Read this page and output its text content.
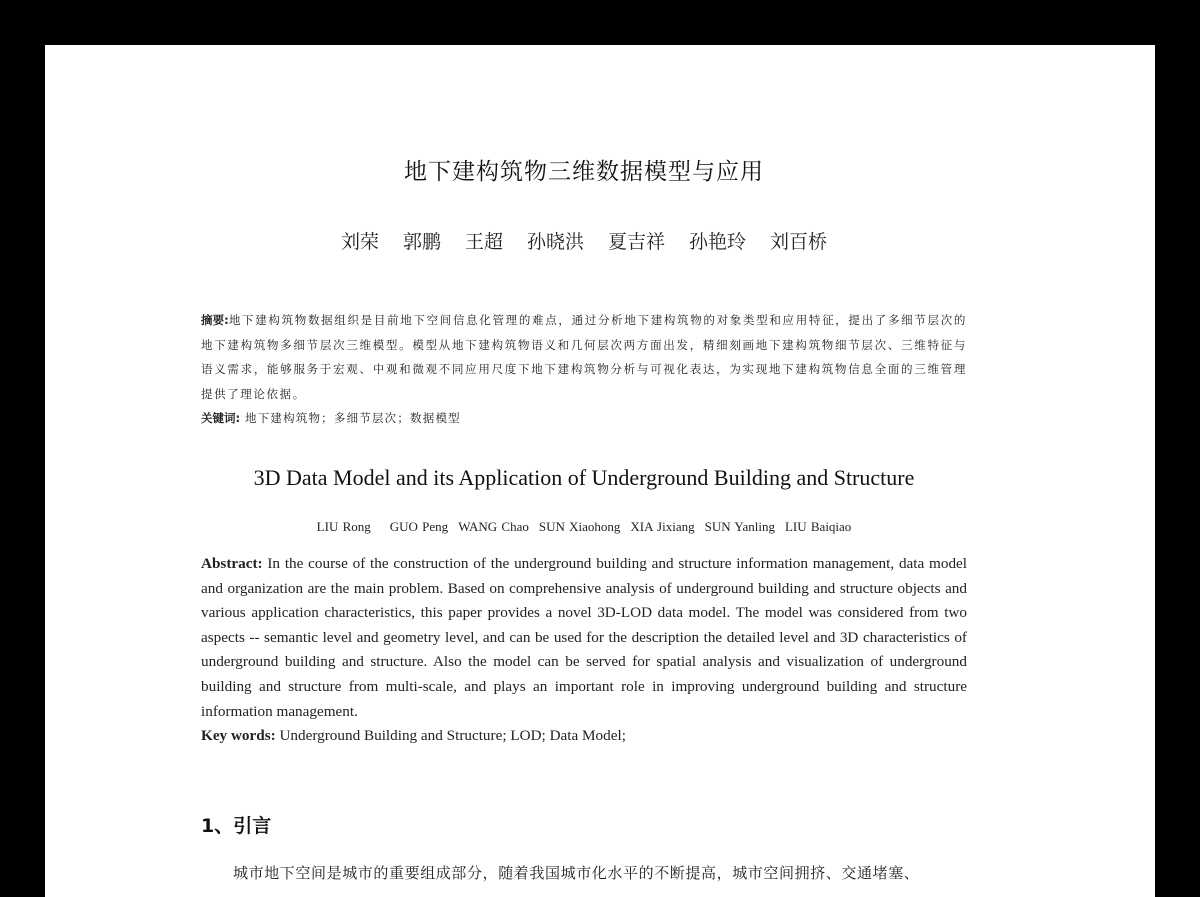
地下建构筑物三维数据模型与应用
刘荣 郭鹏 王超 孙晓洪 夏吉祥 孙艳玲 刘百桥
摘要:地下建构筑物数据组织是目前地下空间信息化管理的难点，通过分析地下建构筑物的对象类型和应用特征，提出了多细节层次的地下建构筑物多细节层次三维模型。模型从地下建构筑物语义和几何层次两方面出发，精细刻画地下建构筑物细节层次、三维特征与语义需求，能够服务于宏观、中观和微观不同应用尺度下地下建构筑物分析与可视化表达，为实现地下建构筑物信息全面的三维管理提供了理论依据。
关键词: 地下建构筑物；多细节层次；数据模型
3D Data Model and its Application of Underground Building and Structure
LIU Rong GUO Peng WANG Chao SUN Xiaohong XIA Jixiang SUN Yanling LIU Baiqiao
Abstract: In the course of the construction of the underground building and structure information management, data model and organization are the main problem. Based on comprehensive analysis of underground building and structure objects and various application characteristics, this paper provides a novel 3D-LOD data model. The model was considered from two aspects -- semantic level and geometry level, and can be used for the description the detailed level and 3D characteristics of underground building and structure. Also the model can be served for spatial analysis and visualization of underground building and structure from multi-scale, and plays an important role in improving underground building and structure information management.
Key words: Underground Building and Structure; LOD; Data Model;
1、引言
城市地下空间是城市的重要组成部分，随着我国城市化水平的不断提高，城市空间拥挤、交通堵塞、
